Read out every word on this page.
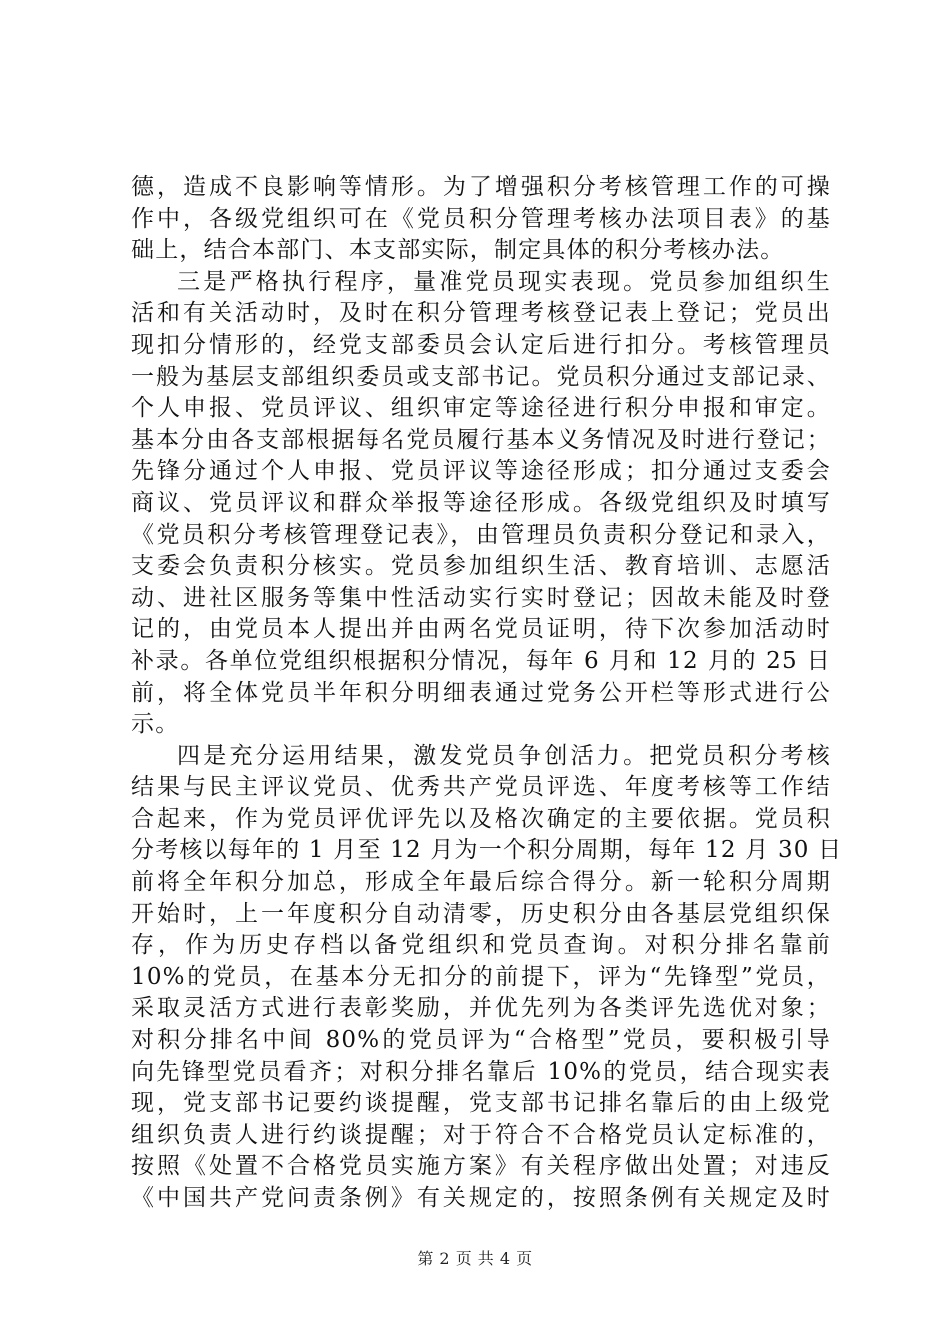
德，造成不良影响等情形。为了增强积分考核管理工作的可操
作中，各级党组织可在《党员积分管理考核办法项目表》的基
础上，结合本部门、本支部实际，制定具体的积分考核办法。
三是严格执行程序，量准党员现实表现。党员参加组织生
活和有关活动时，及时在积分管理考核登记表上登记；党员出
现扣分情形的，经党支部委员会认定后进行扣分。考核管理员
一般为基层支部组织委员或支部书记。党员积分通过支部记录、
个人申报、党员评议、组织审定等途径进行积分申报和审定。
基本分由各支部根据每名党员履行基本义务情况及时进行登记；
先锋分通过个人申报、党员评议等途径形成；扣分通过支委会
商议、党员评议和群众举报等途径形成。各级党组织及时填写
《党员积分考核管理登记表》，由管理员负责积分登记和录入，
支委会负责积分核实。党员参加组织生活、教育培训、志愿活
动、进社区服务等集中性活动实行实时登记；因故未能及时登
记的，由党员本人提出并由两名党员证明，待下次参加活动时
补录。各单位党组织根据积分情况，每年 6 月和 12 月的 25 日
前，将全体党员半年积分明细表通过党务公开栏等形式进行公
示。
四是充分运用结果，激发党员争创活力。把党员积分考核
结果与民主评议党员、优秀共产党员评选、年度考核等工作结
合起来，作为党员评优评先以及格次确定的主要依据。党员积
分考核以每年的 1 月至 12 月为一个积分周期，每年 12 月 30 日
前将全年积分加总，形成全年最后综合得分。新一轮积分周期
开始时，上一年度积分自动清零，历史积分由各基层党组织保
存，作为历史存档以备党组织和党员查询。对积分排名靠前
10%的党员，在基本分无扣分的前提下，评为“先锋型”党员，
采取灵活方式进行表彰奖励，并优先列为各类评先选优对象；
对积分排名中间 80%的党员评为“合格型”党员，要积极引导
向先锋型党员看齐；对积分排名靠后 10%的党员，结合现实表
现，党支部书记要约谈提醒，党支部书记排名靠后的由上级党
组织负责人进行约谈提醒；对于符合不合格党员认定标准的，
按照《处置不合格党员实施方案》有关程序做出处置；对违反
《中国共产党问责条例》有关规定的，按照条例有关规定及时
第 2 页 共 4 页
